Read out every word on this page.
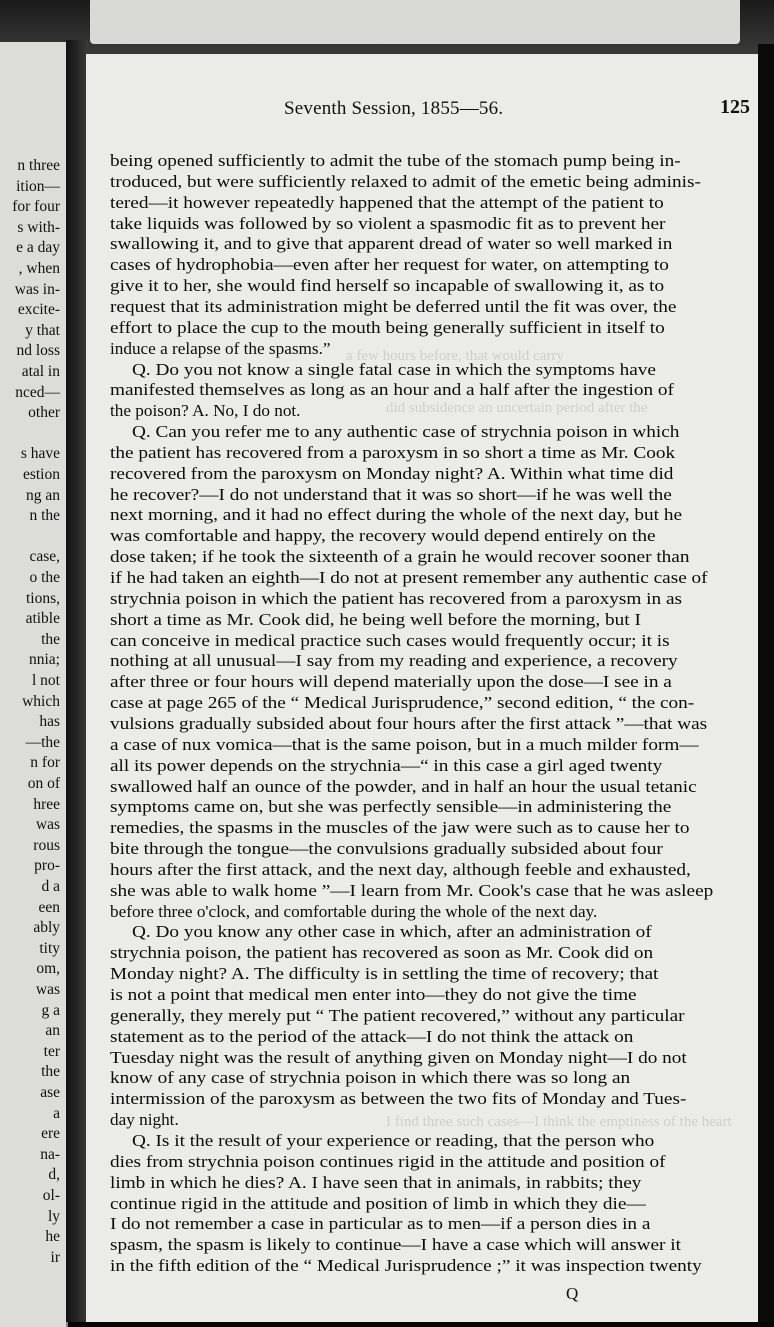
n three
ition—
for four
s with-
e a day
, when
was in-
excite-
y that
nd loss
atal in
nced—
other
s have
estion
ng an
n the
case,
o the
tions,
atible
the
nnia;
l not
which
has
—the
n for
on of
hree
was
rous
pro-
d a
een
ably
tity
om,
was
g a
an
ter
the
ase
a
ere
na-
d,
ol-
ly
he
ir
Seventh Session, 1855—56.	125
being opened sufficiently to admit the tube of the stomach pump being in-
troduced, but were sufficiently relaxed to admit of the emetic being adminis-
tered—it however repeatedly happened that the attempt of the patient to
take liquids was followed by so violent a spasmodic fit as to prevent her
swallowing it, and to give that apparent dread of water so well marked in
cases of hydrophobia—even after her request for water, on attempting to
give it to her, she would find herself so incapable of swallowing it, as to
request that its administration might be deferred until the fit was over, the
effort to place the cup to the mouth being generally sufficient in itself to
induce a relapse of the spasms.”
Q. Do you not know a single fatal case in which the symptoms have
manifested themselves as long as an hour and a half after the ingestion of
the poison? A. No, I do not.
Q. Can you refer me to any authentic case of strychnia poison in which
the patient has recovered from a paroxysm in so short a time as Mr. Cook
recovered from the paroxysm on Monday night? A. Within what time did
he recover?—I do not understand that it was so short—if he was well the
next morning, and it had no effect during the whole of the next day, but he
was comfortable and happy, the recovery would depend entirely on the
dose taken; if he took the sixteenth of a grain he would recover sooner than
if he had taken an eighth—I do not at present remember any authentic case of
strychnia poison in which the patient has recovered from a paroxysm in as
short a time as Mr. Cook did, he being well before the morning, but I
can conceive in medical practice such cases would frequently occur; it is
nothing at all unusual—I say from my reading and experience, a recovery
after three or four hours will depend materially upon the dose—I see in a
case at page 265 of the “ Medical Jurisprudence,” second edition, “ the con-
vulsions gradually subsided about four hours after the first attack ”—that was
a case of nux vomica—that is the same poison, but in a much milder form—
all its power depends on the strychnia—“ in this case a girl aged twenty
swallowed half an ounce of the powder, and in half an hour the usual tetanic
symptoms came on, but she was perfectly sensible—in administering the
remedies, the spasms in the muscles of the jaw were such as to cause her to
bite through the tongue—the convulsions gradually subsided about four
hours after the first attack, and the next day, although feeble and exhausted,
she was able to walk home ”—I learn from Mr. Cook's case that he was asleep
before three o'clock, and comfortable during the whole of the next day.
Q. Do you know any other case in which, after an administration of
strychnia poison, the patient has recovered as soon as Mr. Cook did on
Monday night? A. The difficulty is in settling the time of recovery; that
is not a point that medical men enter into—they do not give the time
generally, they merely put “ The patient recovered,” without any particular
statement as to the period of the attack—I do not think the attack on
Tuesday night was the result of anything given on Monday night—I do not
know of any case of strychnia poison in which there was so long an
intermission of the paroxysm as between the two fits of Monday and Tues-
day night.
Q. Is it the result of your experience or reading, that the person who
dies from strychnia poison continues rigid in the attitude and position of
limb in which he dies? A. I have seen that in animals, in rabbits; they
continue rigid in the attitude and position of limb in which they die—
I do not remember a case in particular as to men—if a person dies in a
spasm, the spasm is likely to continue—I have a case which will answer it
in the fifth edition of the “ Medical Jurisprudence ;” it was inspection twenty
a few hours before, that would carry
did subsidence an uncertain period after the
I find three such cases—I think the emptiness of the heart
Q
